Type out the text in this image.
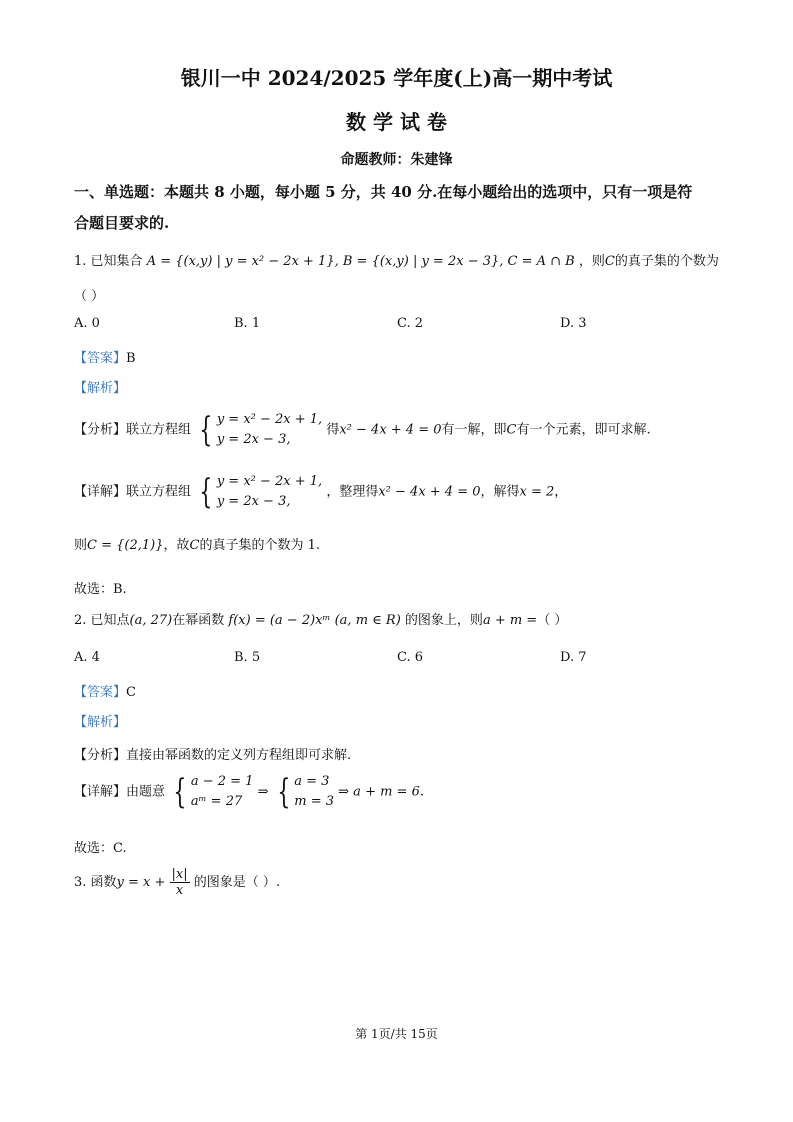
银川一中 2024/2025 学年度(上)高一期中考试
数 学 试 卷
命题教师：朱建锋
一、单选题：本题共 8 小题，每小题 5 分，共 40 分.在每小题给出的选项中，只有一项是符
合题目要求的.
1. 已知集合 A = {(x,y) | y = x² − 2x + 1}, B = {(x,y) | y = 2x − 3}, C = A ∩ B ，则C的真子集的个数为
（ ）
A. 0	B. 1	C. 2	D. 3
【答案】B
【解析】
【分析】联立方程组 { y = x² − 2x + 1,
y = 2x − 3, 得x² − 4x + 4 = 0有一解，即C有一个元素，即可求解.
【详解】联立方程组 { y = x² − 2x + 1,
y = 2x − 3, ，整理得x² − 4x + 4 = 0，解得x = 2，
则C = {(2,1)}，故C的真子集的个数为 1.
故选：B.
2. 已知点(a, 27)在幂函数 f(x) = (a − 2)xᵐ (a, m ∈ R) 的图象上，则a + m =（ ）
A. 4	B. 5	C. 6	D. 7
【答案】C
【解析】
【分析】直接由幂函数的定义列方程组即可求解.
【详解】由题意 { a − 2 = 1
aᵐ = 27 ⇒ { a = 3
m = 3 ⇒ a + m = 6.
故选：C.
3. 函数$y = x + \frac{|x|}{x}$ 的图象是（ ）.
第 1页/共 15页
